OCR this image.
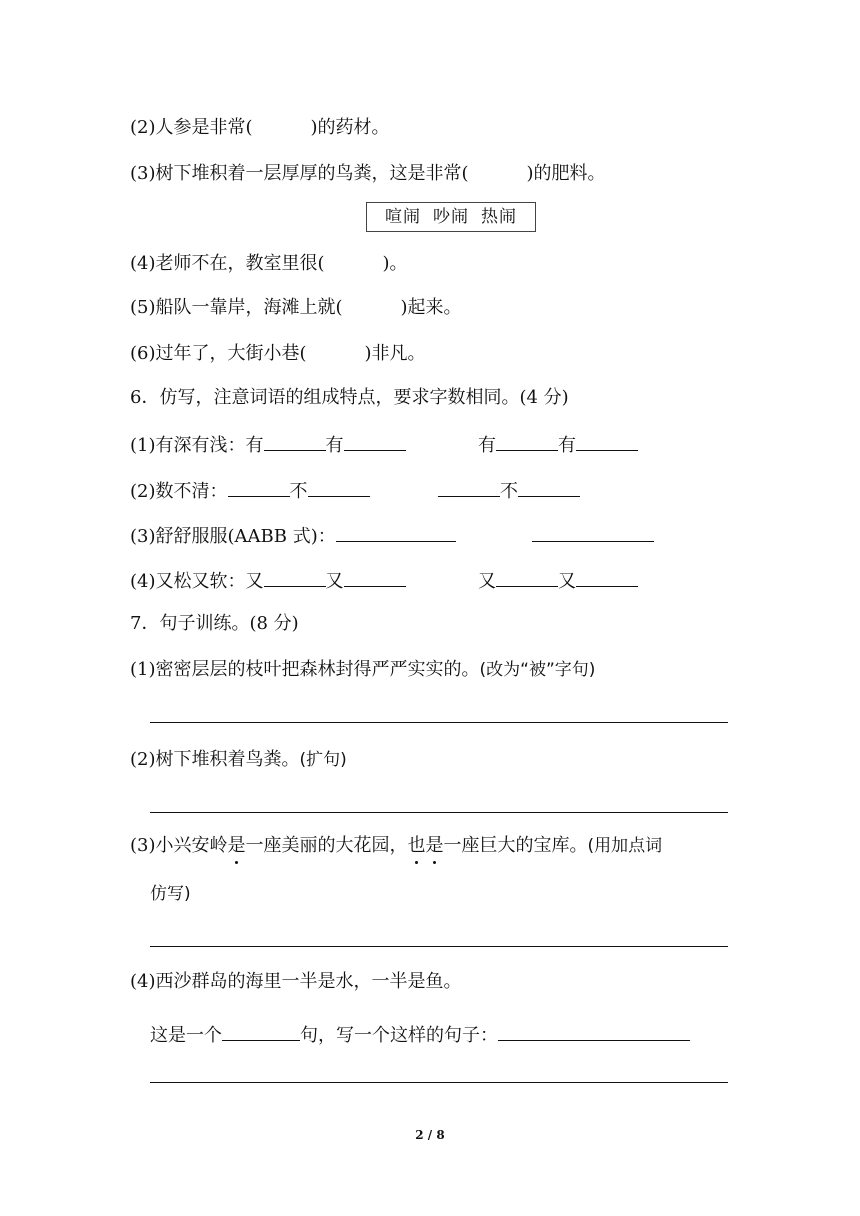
(2)人参是非常(	)的药材。
(3)树下堆积着一层厚厚的鸟粪，这是非常(	)的肥料。
喧闹 吵闹 热闹
(4)老师不在，教室里很(	)。
(5)船队一靠岸，海滩上就(	)起来。
(6)过年了，大街小巷(	)非凡。
6．仿写，注意词语的组成特点，要求字数相同。(4 分)
(1)有深有浅：有	有	有	有
(2)数不清：	不	不
(3)舒舒服服(AABB 式)：
(4)又松又软：又	又	又	又
7．句子训练。(8 分)
(1)密密层层的枝叶把森林封得严严实实的。(改为“被”字句)
(2)树下堆积着鸟粪。(扩句)
(3)小兴安岭是一座美丽的大花园，也是一座巨大的宝库。(用加点词
仿写)
(4)西沙群岛的海里一半是水，一半是鱼。
这是一个	句，写一个这样的句子：
2 / 8
